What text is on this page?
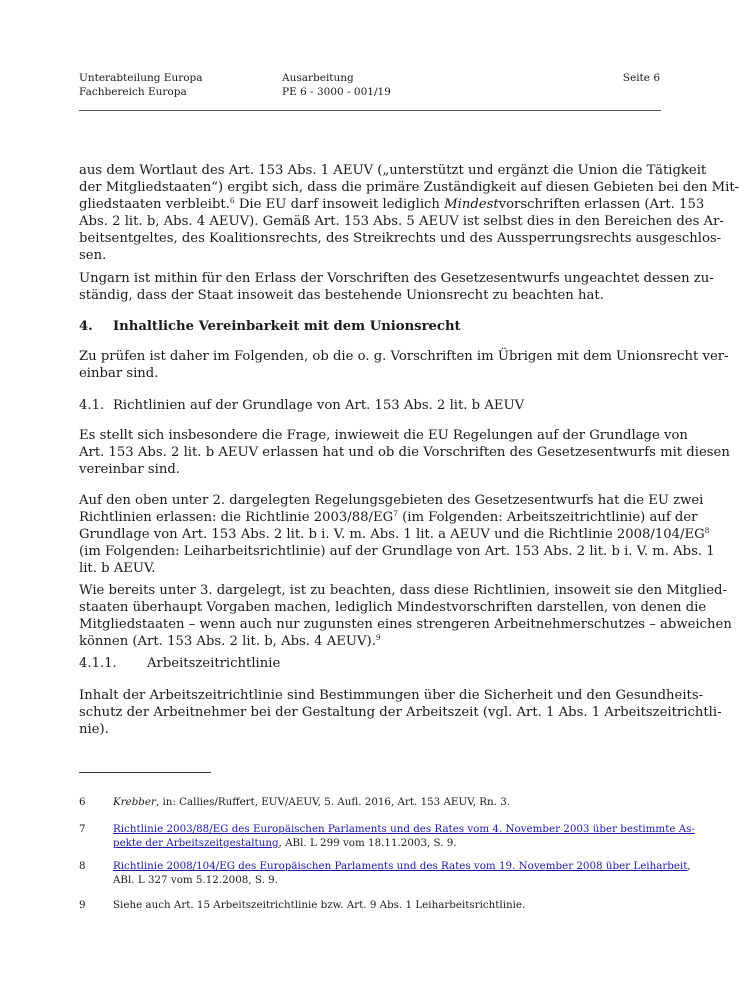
Unterabteilung Europa
Fachbereich Europa
Ausarbeitung
PE 6 - 3000 - 001/19
Seite 6
aus dem Wortlaut des Art. 153 Abs. 1 AEUV („unterstützt und ergänzt die Union die Tätigkeit
der Mitgliedstaaten“) ergibt sich, dass die primäre Zuständigkeit auf diesen Gebieten bei den Mit-
gliedstaaten verbleibt.$^6$ Die EU darf insoweit lediglich Mindestvorschriften erlassen (Art. 153
Abs. 2 lit. b, Abs. 4 AEUV). Gemäß Art. 153 Abs. 5 AEUV ist selbst dies in den Bereichen des Ar-
beitsentgeltes, des Koalitionsrechts, des Streikrechts und des Aussperrungsrechts ausgeschlos-
sen.
Ungarn ist mithin für den Erlass der Vorschriften des Gesetzesentwurfs ungeachtet dessen zu-
ständig, dass der Staat insoweit das bestehende Unionsrecht zu beachten hat.
4. Inhaltliche Vereinbarkeit mit dem Unionsrecht
Zu prüfen ist daher im Folgenden, ob die o. g. Vorschriften im Übrigen mit dem Unionsrecht ver-
einbar sind.
4.1. Richtlinien auf der Grundlage von Art. 153 Abs. 2 lit. b AEUV
Es stellt sich insbesondere die Frage, inwieweit die EU Regelungen auf der Grundlage von
Art. 153 Abs. 2 lit. b AEUV erlassen hat und ob die Vorschriften des Gesetzesentwurfs mit diesen
vereinbar sind.
Auf den oben unter 2. dargelegten Regelungsgebieten des Gesetzesentwurfs hat die EU zwei
Richtlinien erlassen: die Richtlinie $2003/88/EG^7$ (im Folgenden: Arbeitszeitrichtlinie) auf der
Grundlage von Art. 153 Abs. 2 lit. b i. V. m. Abs. 1 lit. a AEUV und die Richtlinie $2008/104/EG^8$
(im Folgenden: Leiharbeitsrichtlinie) auf der Grundlage von Art. 153 Abs. 2 lit. b i. V. m. Abs. 1
lit. b AEUV.
Wie bereits unter 3. dargelegt, ist zu beachten, dass diese Richtlinien, insoweit sie den Mitglied-
staaten überhaupt Vorgaben machen, lediglich Mindestvorschriften darstellen, von denen die
Mitgliedstaaten – wenn auch nur zugunsten eines strengeren Arbeitnehmerschutzes – abweichen
können (Art. 153 Abs. 2 lit. b, Abs. 4 AEUV).$^9$
4.1.1. Arbeitszeitrichtlinie
Inhalt der Arbeitszeitrichtlinie sind Bestimmungen über die Sicherheit und den Gesundheits-
schutz der Arbeitnehmer bei der Gestaltung der Arbeitszeit (vgl. Art. 1 Abs. 1 Arbeitszeitrichtli-
nie).
6	Krebber, in: Callies/Ruffert, EUV/AEUV, 5. Aufl. 2016, Art. 153 AEUV, Rn. 3.
7	Richtlinie 2003/88/EG des Europäischen Parlaments und des Rates vom 4. November 2003 über bestimmte As-
pekte der Arbeitszeitgestaltung, ABl. L 299 vom 18.11.2003, S. 9.
8	Richtlinie 2008/104/EG des Europäischen Parlaments und des Rates vom 19. November 2008 über Leiharbeit,
ABl. L 327 vom 5.12.2008, S. 9.
9	Siehe auch Art. 15 Arbeitszeitrichtlinie bzw. Art. 9 Abs. 1 Leiharbeitsrichtlinie.
